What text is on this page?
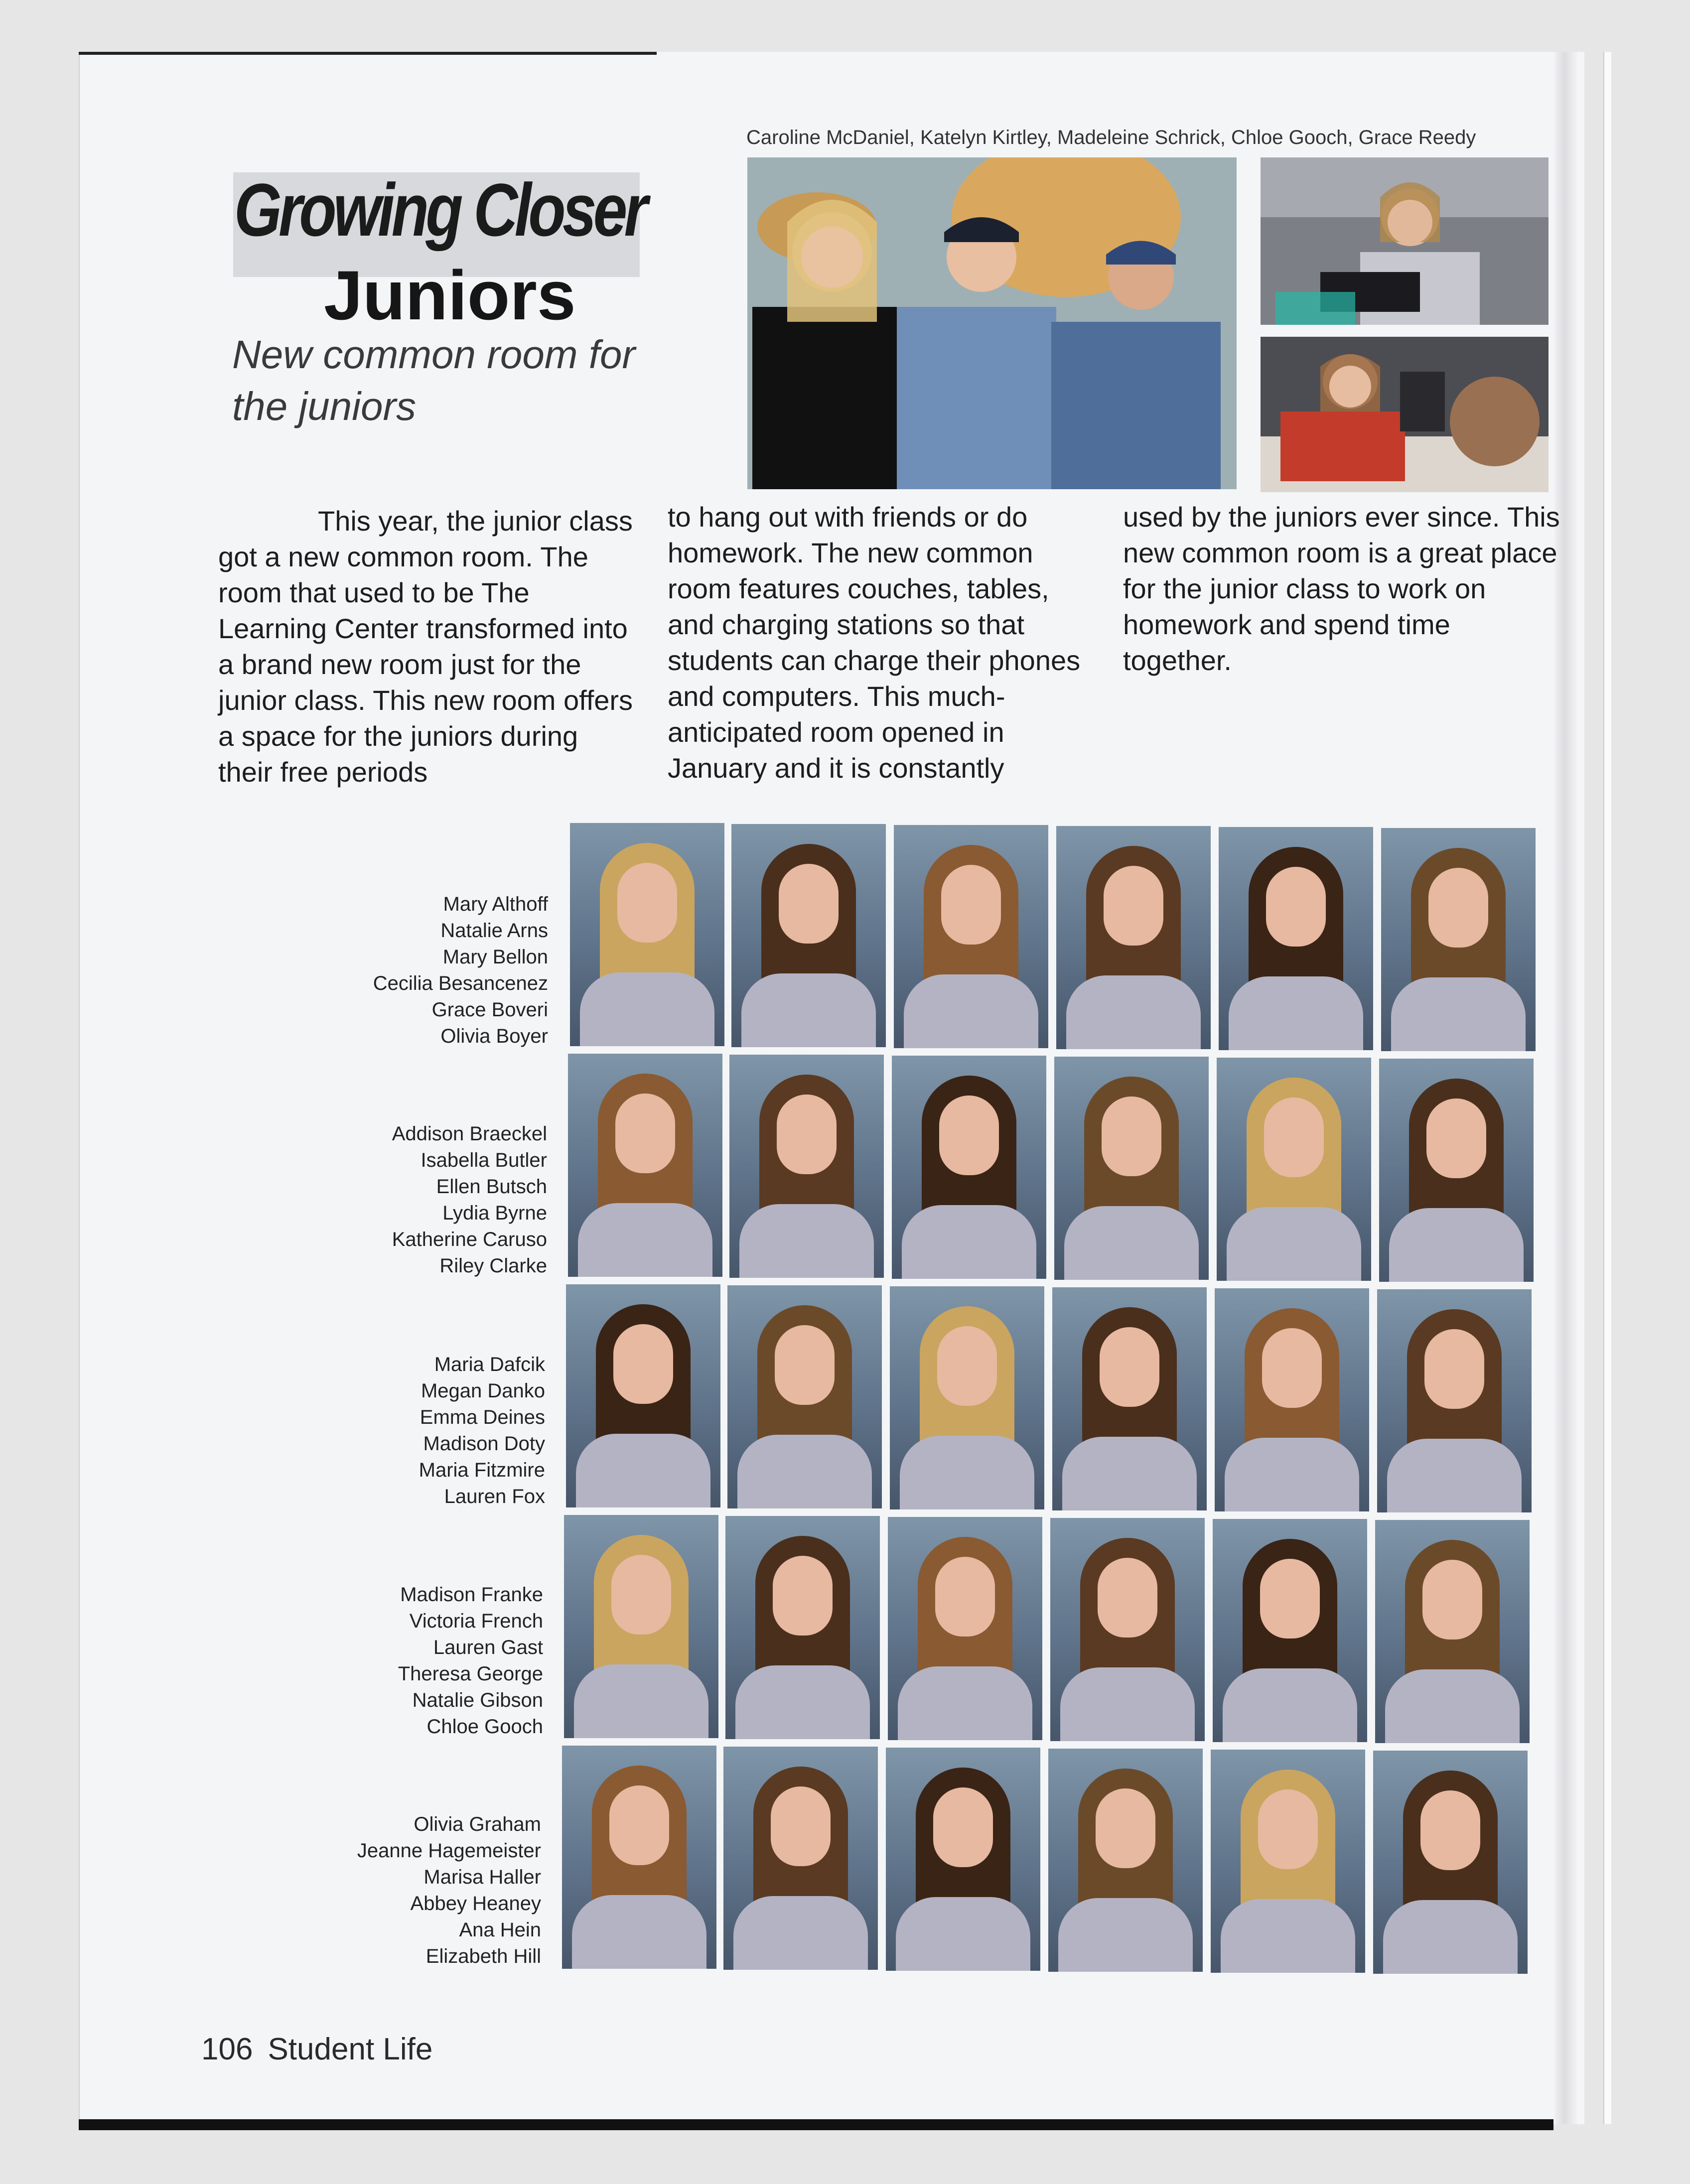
Growing Closer
Juniors
New common room for the juniors
Caroline McDaniel, Katelyn Kirtley, Madeleine Schrick, Chloe Gooch, Grace Reedy

This year, the junior class got a new common room. The room that used to be The Learning Center transformed into a brand new room just for the junior class. This new room offers a space for the juniors during their free periods

to hang out with friends or do homework. The new common room features couches, tables, and charging stations so that students can charge their phones and computers. This much-anticipated room opened in January and it is constantly

used by the juniors ever since. This new common room is a great place for the junior class to work on homework and spend time together.

Mary Althoff
Natalie Arns
Mary Bellon
Cecilia Besancenez
Grace Boveri
Olivia Boyer
Addison Braeckel
Isabella Butler
Ellen Butsch
Lydia Byrne
Katherine Caruso
Riley Clarke
Maria Dafcik
Megan Danko
Emma Deines
Madison Doty
Maria Fitzmire
Lauren Fox
Madison Franke
Victoria French
Lauren Gast
Theresa George
Natalie Gibson
Chloe Gooch
Olivia Graham
Jeanne Hagemeister
Marisa Haller
Abbey Heaney
Ana Hein
Elizabeth Hill
106 Student Life
